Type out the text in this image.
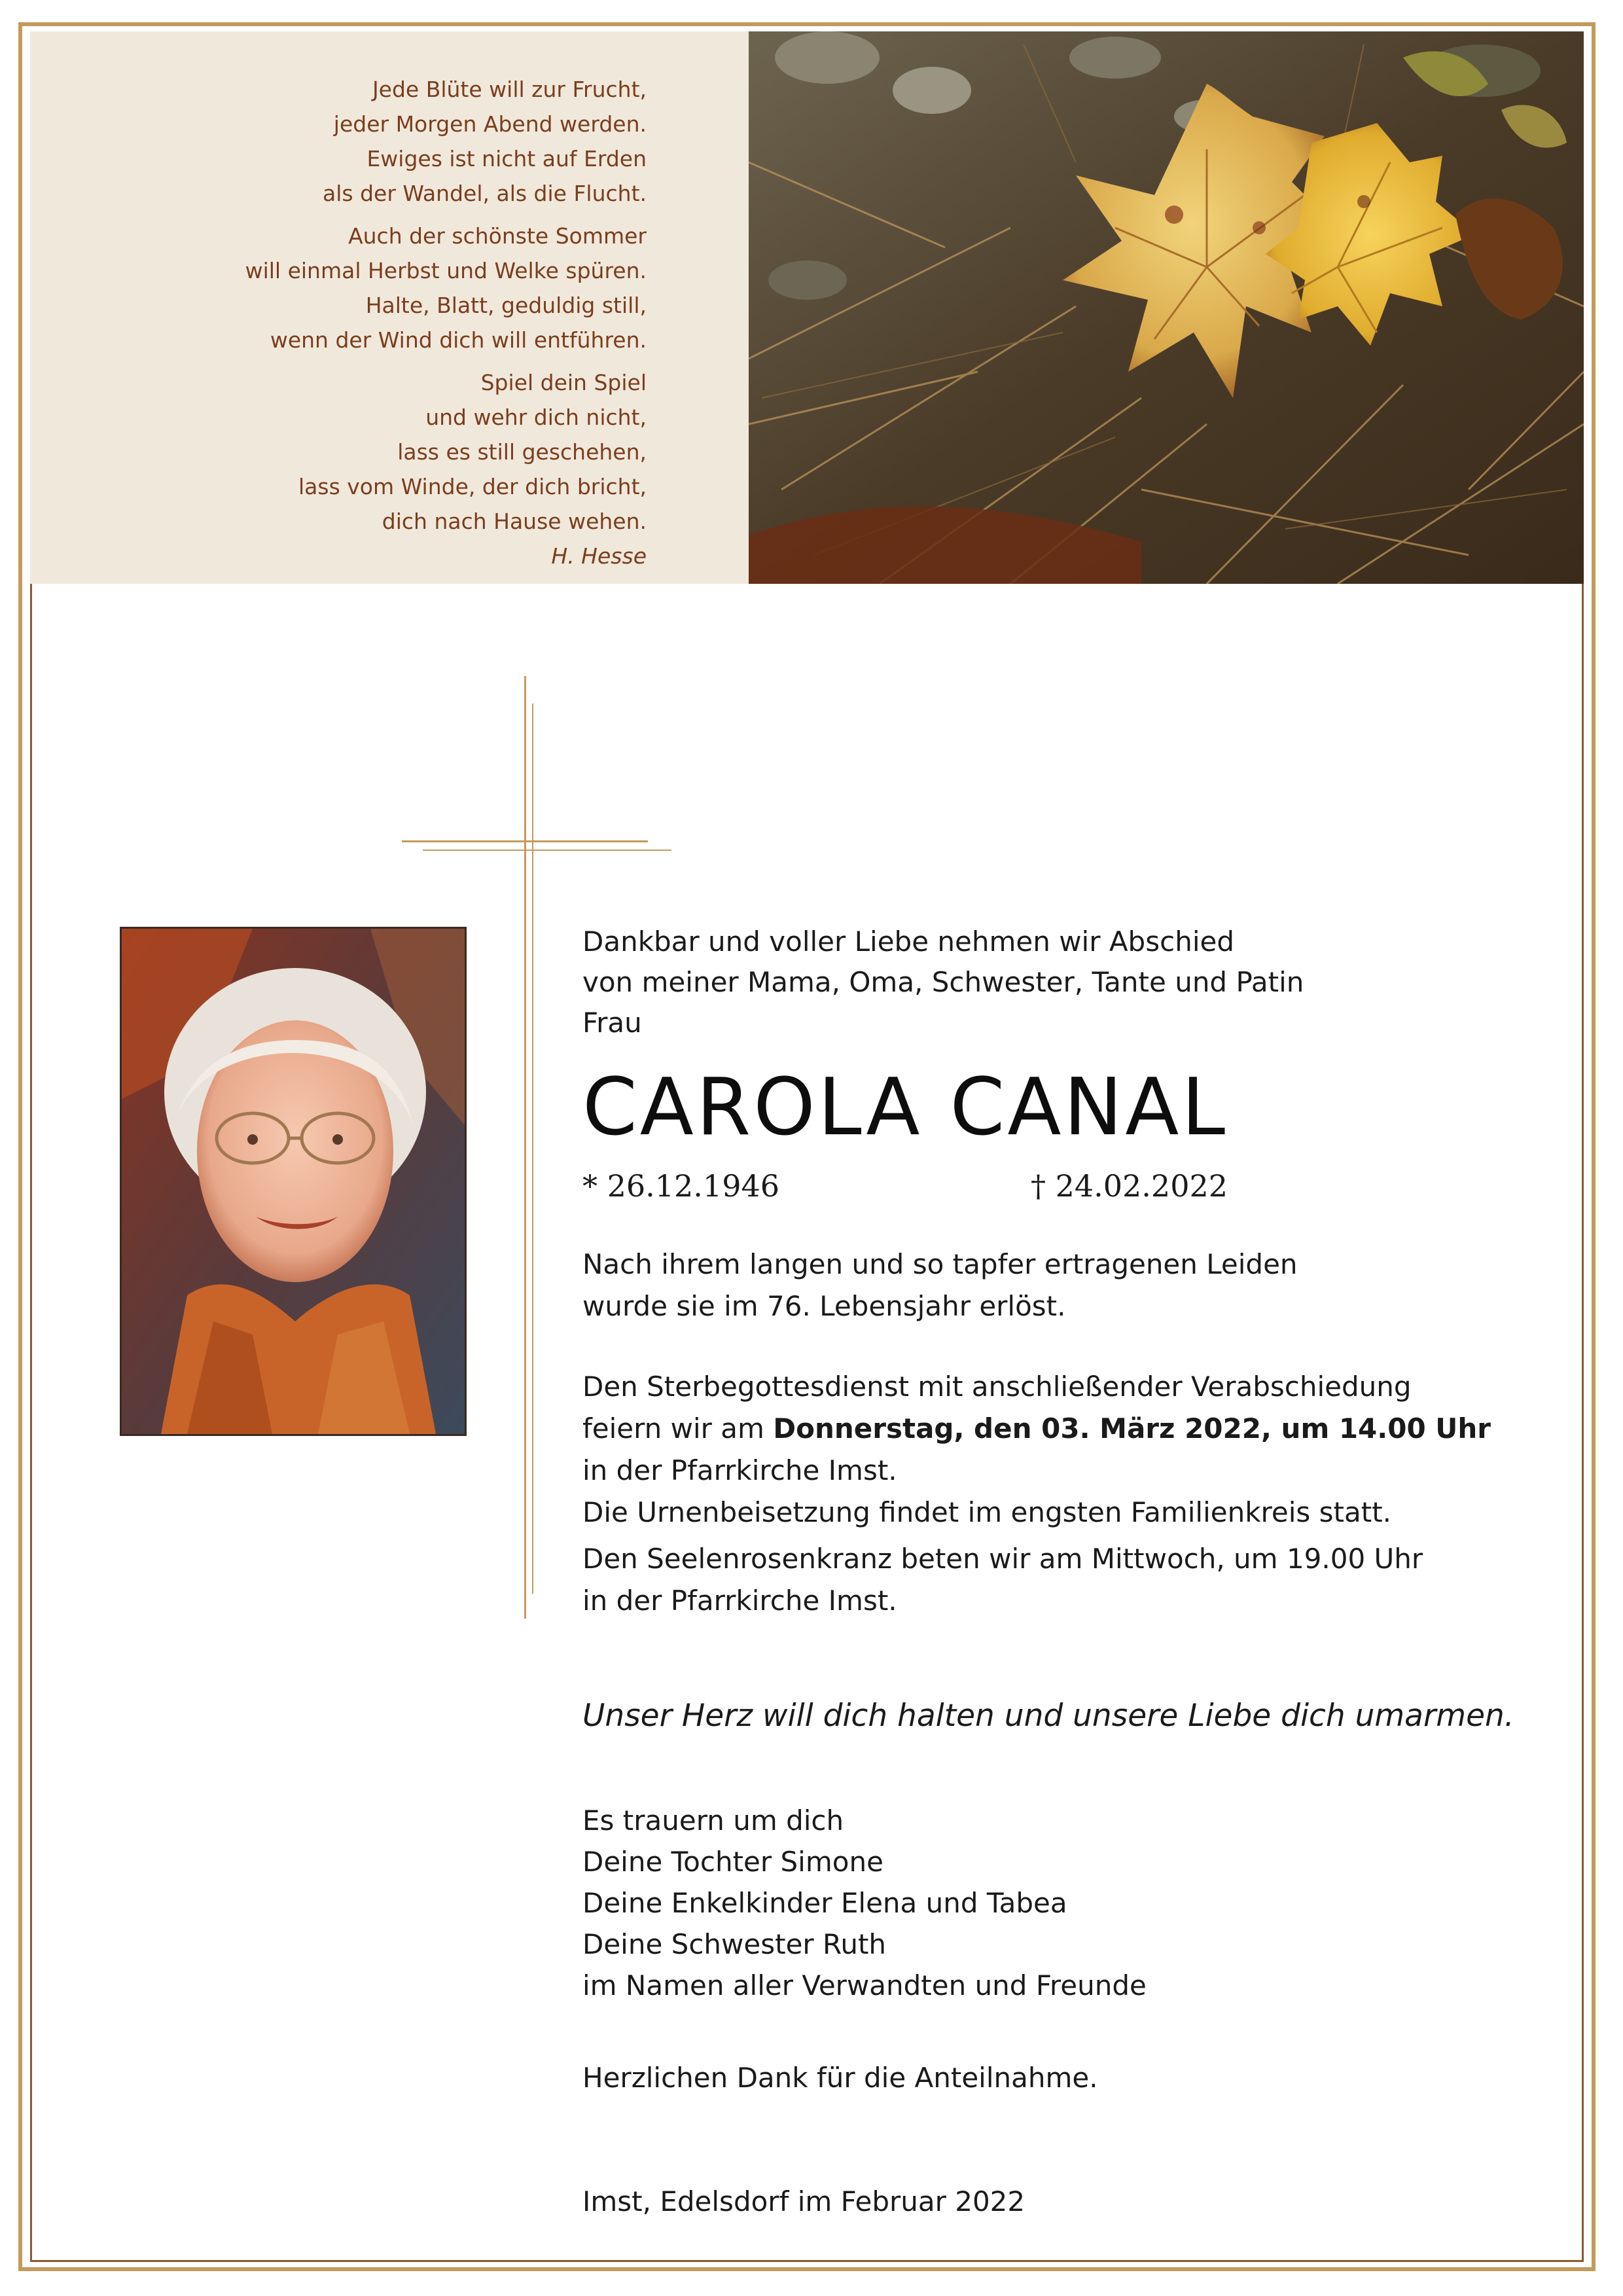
Jede Blüte will zur Frucht,
jeder Morgen Abend werden.
Ewiges ist nicht auf Erden
als der Wandel, als die Flucht.
Auch der schönste Sommer
will einmal Herbst und Welke spüren.
Halte, Blatt, geduldig still,
wenn der Wind dich will entführen.
Spiel dein Spiel
und wehr dich nicht,
lass es still geschehen,
lass vom Winde, der dich bricht,
dich nach Hause wehen.
H. Hesse
Dankbar und voller Liebe nehmen wir Abschied
von meiner Mama, Oma, Schwester, Tante und Patin
Frau
CAROLA CANAL
* 26.12.1946	† 24.02.2022
Nach ihrem langen und so tapfer ertragenen Leiden
wurde sie im 76. Lebensjahr erlöst.
Den Sterbegottesdienst mit anschließender Verabschiedung
feiern wir am Donnerstag, den 03. März 2022, um 14.00 Uhr
in der Pfarrkirche Imst.
Die Urnenbeisetzung findet im engsten Familienkreis statt.
Den Seelenrosenkranz beten wir am Mittwoch, um 19.00 Uhr
in der Pfarrkirche Imst.
Unser Herz will dich halten und unsere Liebe dich umarmen.
Es trauern um dich
Deine Tochter Simone
Deine Enkelkinder Elena und Tabea
Deine Schwester Ruth
im Namen aller Verwandten und Freunde
Herzlichen Dank für die Anteilnahme.
Imst, Edelsdorf im Februar 2022
